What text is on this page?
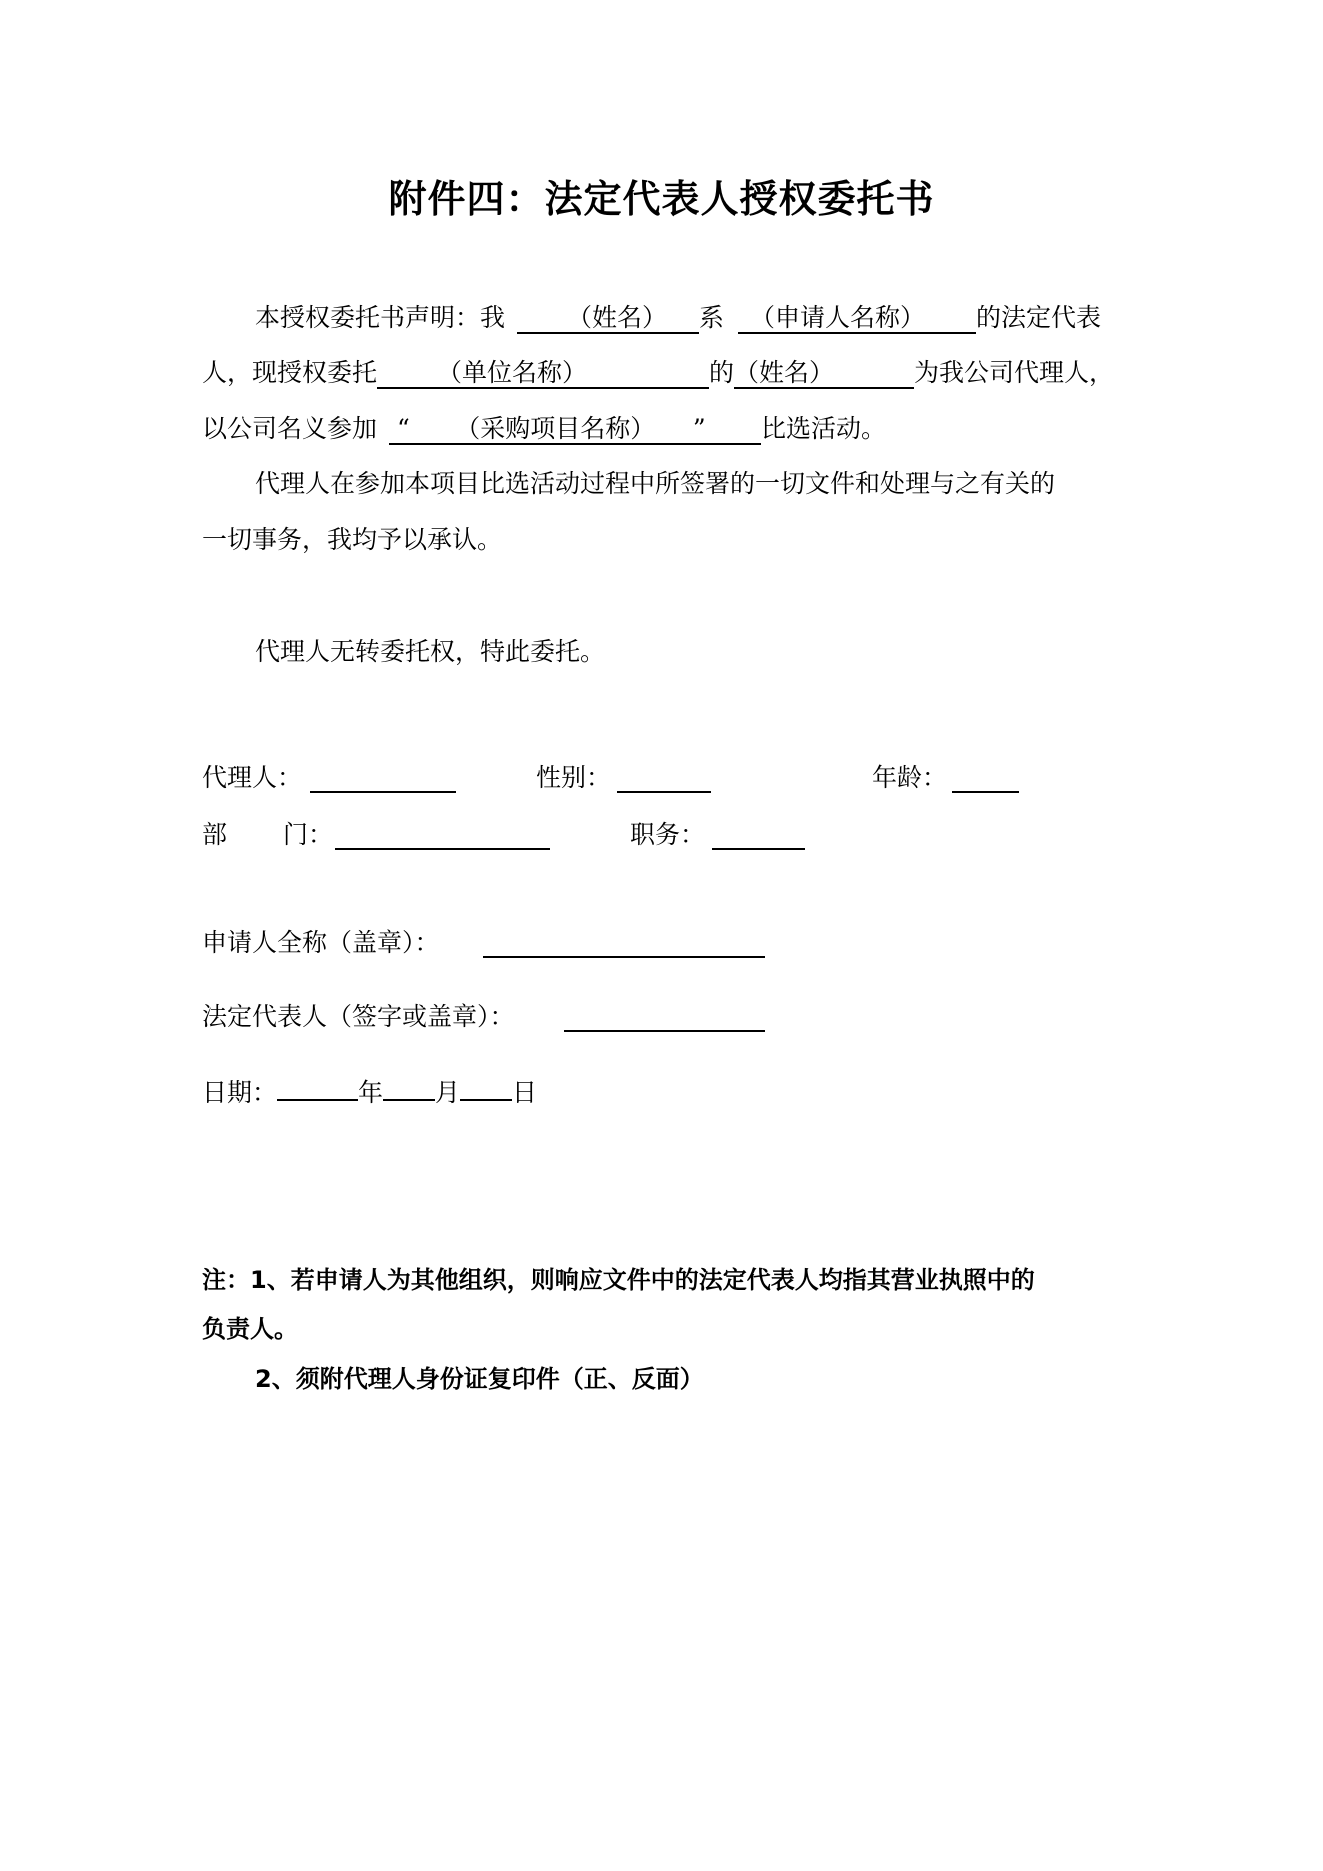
附件四：法定代表人授权委托书
本授权委托书声明：我 （姓名） 系 （申请人名称） 的法定代表
人，现授权委托 （单位名称）	的（姓名）	为我公司代理人，
以公司名义参加 “ （采购项目名称） ” 比选活动。
代理人在参加本项目比选活动过程中所签署的一切文件和处理与之有关的
一切事务，我均予以承认。
代理人无转委托权，特此委托。
代理人：	性别：	年龄：
部 门：	职务：
申请人全称（盖章）：
法定代表人（签字或盖章）：
日期：	年 月 日
注：1、若申请人为其他组织，则响应文件中的法定代表人均指其营业执照中的
负责人。
2、须附代理人身份证复印件（正、反面）
